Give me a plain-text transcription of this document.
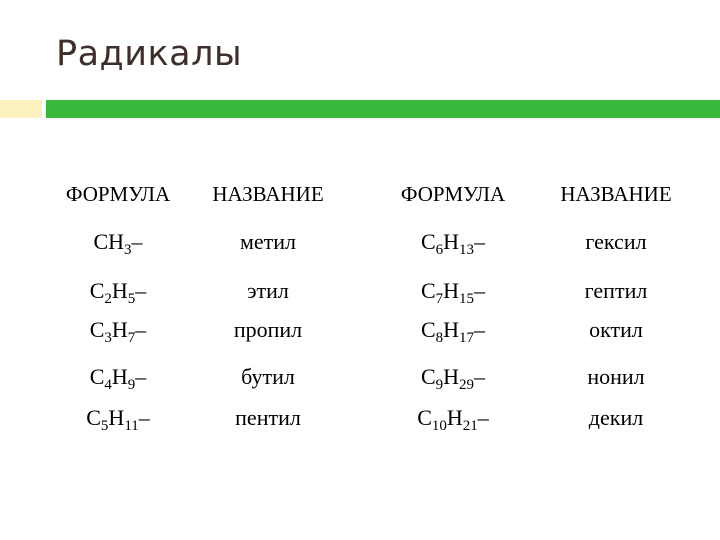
Радикалы
ФОРМУЛА НАЗВАНИЕ	ФОРМУЛА	НАЗВАНИЕ
$CH_3-$	метил	$C_6H_{13}-$	гексил
$C_2H_5-$	этил	$C_7H_{15}-$	гептил
$C_3H_7-$	пропил	$C_8H_{17}-$	октил
$C_4H_9-$	бутил	$C_9H_{29}-$	нонил
$C_5H_{11}-$	пентил	$C_{10}H_{21}-$	декил
